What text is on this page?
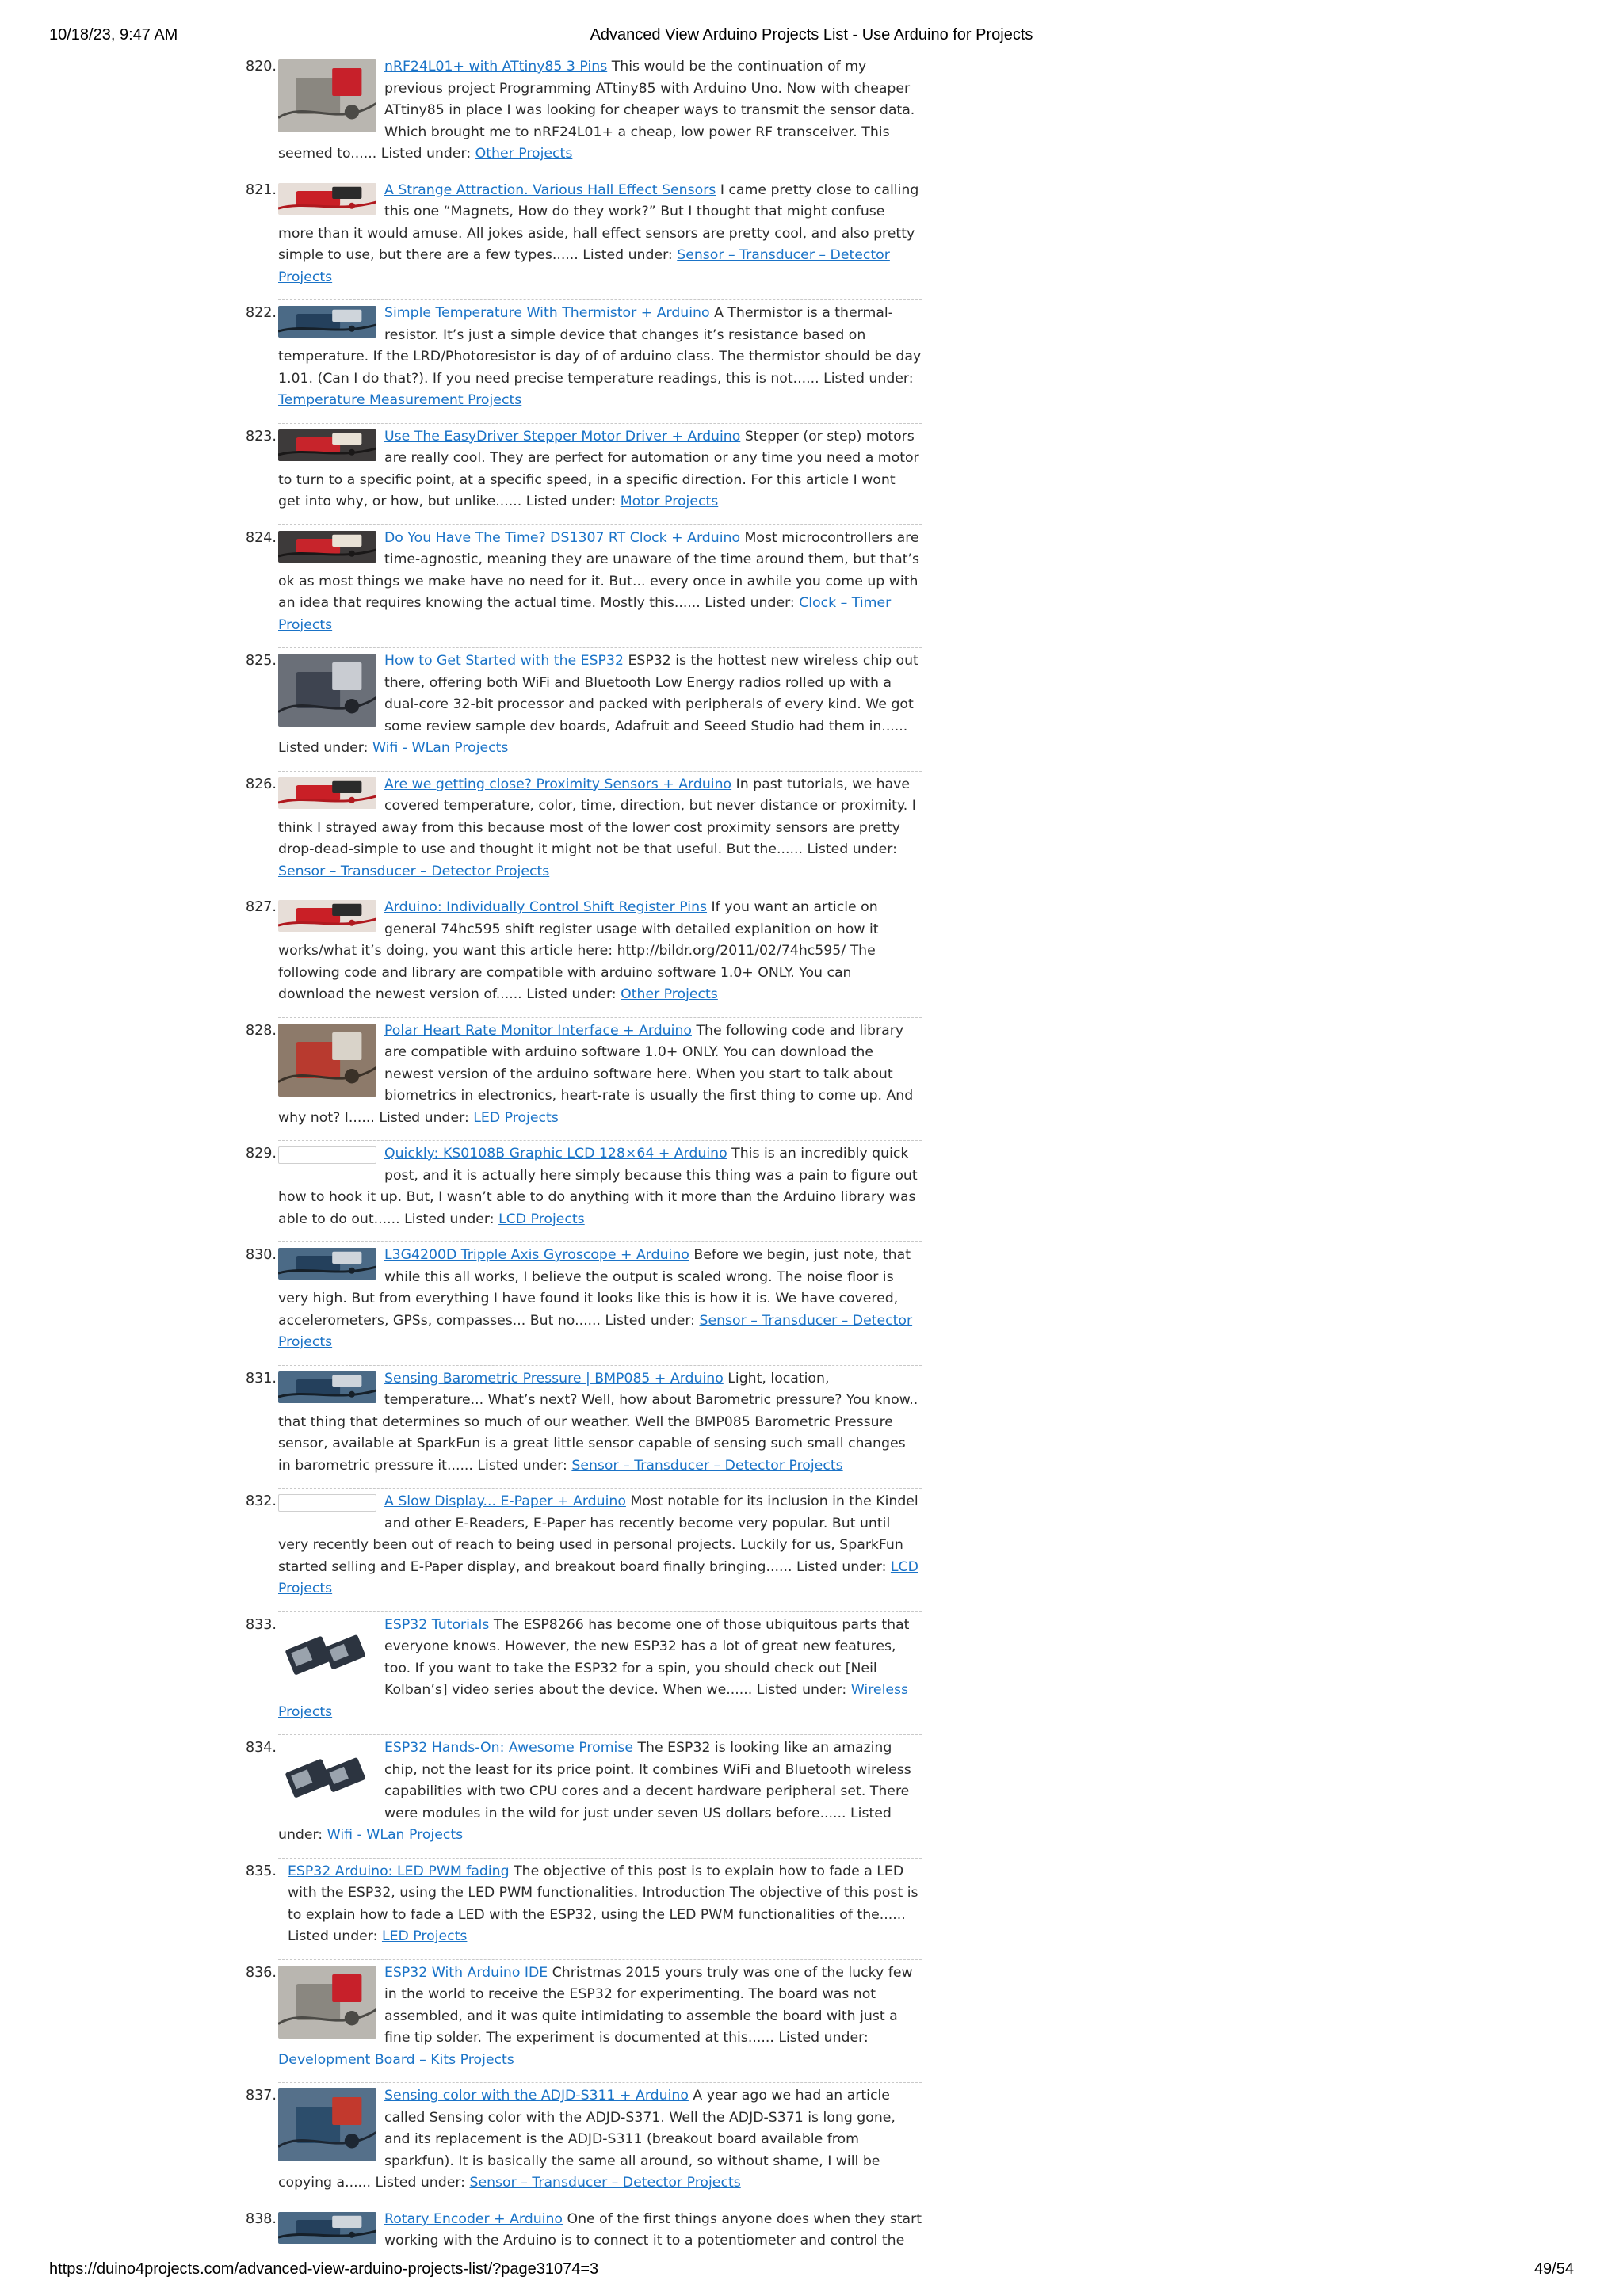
10/18/23, 9:47 AM	Advanced View Arduino Projects List - Use Arduino for Projects
820.	nRF24L01+ with ATtiny85 3 Pins This would be the continuation of my previous project Programming ATtiny85 with Arduino Uno. Now with cheaper ATtiny85 in place I was looking for cheaper ways to transmit the sensor data. Which brought me to nRF24L01+ a cheap, low power RF transceiver. This seemed to...... Listed under: Other Projects
821.	A Strange Attraction. Various Hall Effect Sensors I came pretty close to calling this one “Magnets, How do they work?” But I thought that might confuse more than it would amuse. All jokes aside, hall effect sensors are pretty cool, and also pretty simple to use, but there are a few types...... Listed under: Sensor – Transducer – Detector Projects
822.	Simple Temperature With Thermistor + Arduino A Thermistor is a thermal-resistor. It’s just a simple device that changes it’s resistance based on temperature. If the LRD/Photoresistor is day of of arduino class. The thermistor should be day 1.01. (Can I do that?). If you need precise temperature readings, this is not...... Listed under: Temperature Measurement Projects
823.	Use The EasyDriver Stepper Motor Driver + Arduino Stepper (or step) motors are really cool. They are perfect for automation or any time you need a motor to turn to a specific point, at a specific speed, in a specific direction. For this article I wont get into why, or how, but unlike...... Listed under: Motor Projects
824.	Do You Have The Time? DS1307 RT Clock + Arduino Most microcontrollers are time-agnostic, meaning they are unaware of the time around them, but that’s ok as most things we make have no need for it. But... every once in awhile you come up with an idea that requires knowing the actual time. Mostly this...... Listed under: Clock – Timer Projects
825.	How to Get Started with the ESP32 ESP32 is the hottest new wireless chip out there, offering both WiFi and Bluetooth Low Energy radios rolled up with a dual-core 32-bit processor and packed with peripherals of every kind. We got some review sample dev boards, Adafruit and Seeed Studio had them in...... Listed under: Wifi - WLan Projects
826.	Are we getting close? Proximity Sensors + Arduino In past tutorials, we have covered temperature, color, time, direction, but never distance or proximity. I think I strayed away from this because most of the lower cost proximity sensors are pretty drop-dead-simple to use and thought it might not be that useful. But the...... Listed under: Sensor – Transducer – Detector Projects
827.	Arduino: Individually Control Shift Register Pins If you want an article on general 74hc595 shift register usage with detailed explanition on how it works/what it’s doing, you want this article here: http://bildr.org/2011/02/74hc595/ The following code and library are compatible with arduino software 1.0+ ONLY. You can download the newest version of...... Listed under: Other Projects
828.	Polar Heart Rate Monitor Interface + Arduino The following code and library are compatible with arduino software 1.0+ ONLY. You can download the newest version of the arduino software here. When you start to talk about biometrics in electronics, heart-rate is usually the first thing to come up. And why not? I...... Listed under: LED Projects
829.	Quickly: KS0108B Graphic LCD 128×64 + Arduino This is an incredibly quick post, and it is actually here simply because this thing was a pain to figure out how to hook it up. But, I wasn’t able to do anything with it more than the Arduino library was able to do out...... Listed under: LCD Projects
830.	L3G4200D Tripple Axis Gyroscope + Arduino Before we begin, just note, that while this all works, I believe the output is scaled wrong. The noise floor is very high. But from everything I have found it looks like this is how it is. We have covered, accelerometers, GPSs, compasses... But no...... Listed under: Sensor – Transducer – Detector Projects
831.	Sensing Barometric Pressure | BMP085 + Arduino Light, location, temperature... What’s next? Well, how about Barometric pressure? You know.. that thing that determines so much of our weather. Well the BMP085 Barometric Pressure sensor, available at SparkFun is a great little sensor capable of sensing such small changes in barometric pressure it...... Listed under: Sensor – Transducer – Detector Projects
832.	A Slow Display... E-Paper + Arduino Most notable for its inclusion in the Kindel and other E-Readers, E-Paper has recently become very popular. But until very recently been out of reach to being used in personal projects. Luckily for us, SparkFun started selling and E-Paper display, and breakout board finally bringing...... Listed under: LCD Projects
833.	ESP32 Tutorials The ESP8266 has become one of those ubiquitous parts that everyone knows. However, the new ESP32 has a lot of great new features, too. If you want to take the ESP32 for a spin, you should check out [Neil Kolban’s] video series about the device. When we...... Listed under: Wireless Projects
834.	ESP32 Hands-On: Awesome Promise The ESP32 is looking like an amazing chip, not the least for its price point. It combines WiFi and Bluetooth wireless capabilities with two CPU cores and a decent hardware peripheral set. There were modules in the wild for just under seven US dollars before...... Listed under: Wifi - WLan Projects
835. ESP32 Arduino: LED PWM fading The objective of this post is to explain how to fade a LED with the ESP32, using the LED PWM functionalities. Introduction The objective of this post is to explain how to fade a LED with the ESP32, using the LED PWM functionalities of the...... Listed under: LED Projects
836.	ESP32 With Arduino IDE Christmas 2015 yours truly was one of the lucky few in the world to receive the ESP32 for experimenting. The board was not assembled, and it was quite intimidating to assemble the board with just a fine tip solder. The experiment is documented at this...... Listed under: Development Board – Kits Projects
837.	Sensing color with the ADJD-S311 + Arduino A year ago we had an article called Sensing color with the ADJD-S371. Well the ADJD-S371 is long gone, and its replacement is the ADJD-S311 (breakout board available from sparkfun). It is basically the same all around, so without shame, I will be copying a...... Listed under: Sensor – Transducer – Detector Projects
838.	Rotary Encoder + Arduino One of the first things anyone does when they start working with the Arduino is to connect it to a potentiometer and control the
https://duino4projects.com/advanced-view-arduino-projects-list/?page31074=3	49/54
